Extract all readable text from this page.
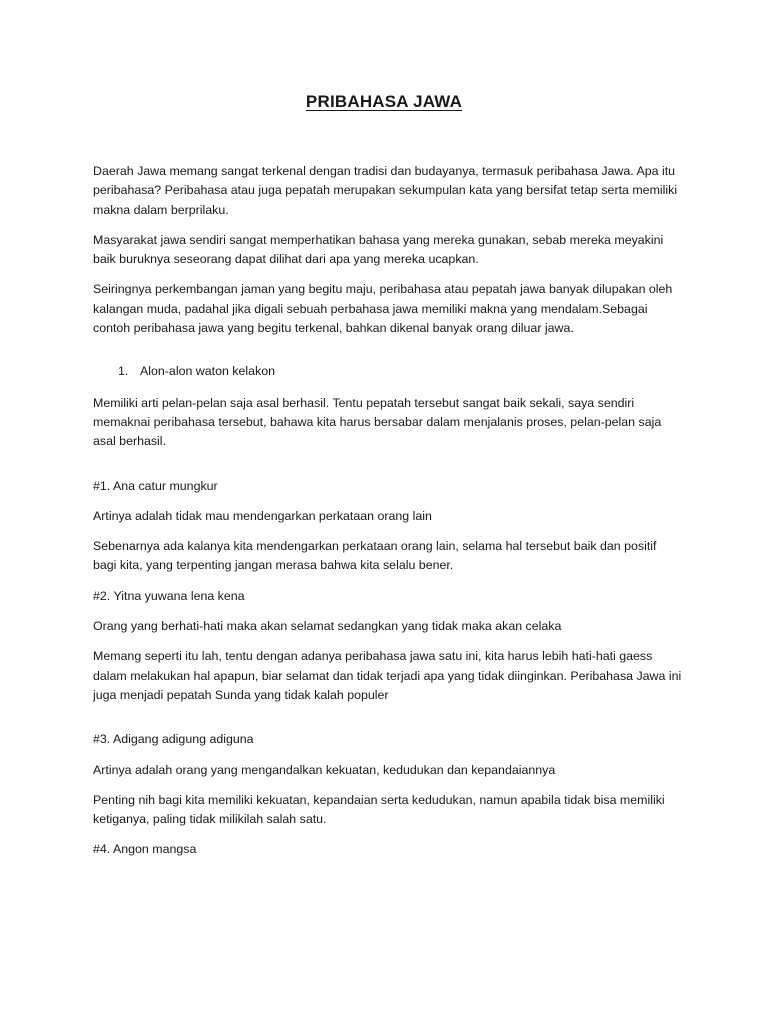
PRIBAHASA JAWA

Daerah Jawa memang sangat terkenal dengan tradisi dan budayanya, termasuk peribahasa Jawa. Apa itu peribahasa? Peribahasa atau juga pepatah merupakan sekumpulan kata yang bersifat tetap serta memiliki makna dalam berprilaku.

Masyarakat jawa sendiri sangat memperhatikan bahasa yang mereka gunakan, sebab mereka meyakini baik buruknya seseorang dapat dilihat dari apa yang mereka ucapkan.

Seiringnya perkembangan jaman yang begitu maju, peribahasa atau pepatah jawa banyak dilupakan oleh kalangan muda, padahal jika digali sebuah perbahasa jawa memiliki makna yang mendalam.Sebagai contoh peribahasa jawa yang begitu terkenal, bahkan dikenal banyak orang diluar jawa.

1. Alon-alon waton kelakon

Memiliki arti pelan-pelan saja asal berhasil. Tentu pepatah tersebut sangat baik sekali, saya sendiri memaknai peribahasa tersebut, bahawa kita harus bersabar dalam menjalanis proses, pelan-pelan saja asal berhasil.

#1. Ana catur mungkur

Artinya adalah tidak mau mendengarkan perkataan orang lain

Sebenarnya ada kalanya kita mendengarkan perkataan orang lain, selama hal tersebut baik dan positif bagi kita, yang terpenting jangan merasa bahwa kita selalu bener.

#2. Yitna yuwana lena kena

Orang yang berhati-hati maka akan selamat sedangkan yang tidak maka akan celaka

Memang seperti itu lah, tentu dengan adanya peribahasa jawa satu ini, kita harus lebih hati-hati gaess dalam melakukan hal apapun, biar selamat dan tidak terjadi apa yang tidak diinginkan. Peribahasa Jawa ini juga menjadi pepatah Sunda yang tidak kalah populer

#3. Adigang adigung adiguna

Artinya adalah orang yang mengandalkan kekuatan, kedudukan dan kepandaiannya

Penting nih bagi kita memiliki kekuatan, kepandaian serta kedudukan, namun apabila tidak bisa memiliki ketiganya, paling tidak milikilah salah satu.

#4. Angon mangsa
